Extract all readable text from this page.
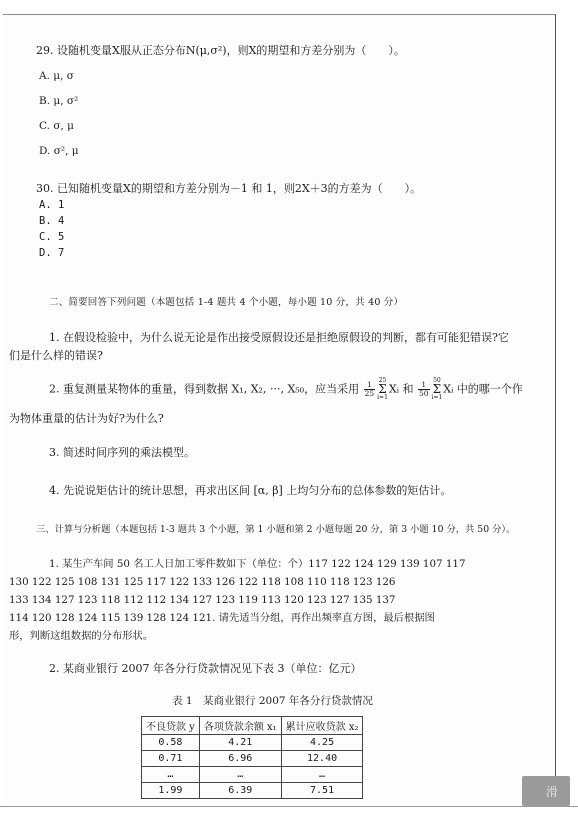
29. 设随机变量X服从正态分布N(μ,σ²)，则X的期望和方差分别为（　　）。
A. μ, σ
B. μ, σ²
C. σ, μ
D. σ², μ
30. 已知随机变量X的期望和方差分别为－1 和 1，则2X＋3的方差为（　　）。
A. 1
B. 4
C. 5
D. 7
二、简要回答下列问题（本题包括 1-4 题共 4 个小题，每小题 10 分，共 40 分）
1. 在假设检验中，为什么说无论是作出接受原假设还是拒绝原假设的判断，都有可能犯错误?它
们是什么样的错误?
2. 重复测量某物体的重量，得到数据 X₁, X₂, ···, X₅₀，应当采用 $\frac{1}{25}$
25
Σ
i=1Xᵢ 和 $\frac{1}{50}$
50
Σ
i=1Xᵢ 中的哪一个作
为物体重量的估计为好?为什么?
3. 简述时间序列的乘法模型。
4. 先说说矩估计的统计思想，再求出区间 [α, β] 上均匀分布的总体参数的矩估计。
三、计算与分析题（本题包括 1-3 题共 3 个小题，第 1 小题和第 2 小题每题 20 分，第 3 小题 10 分，共 50 分）。
1. 某生产车间 50 名工人日加工零件数如下（单位：个）117 122 124 129 139 107 117
130 122 125 108 131 125 117 122 133 126 122 118 108 110 118 123 126
133 134 127 123 118 112 112 134 127 123 119 113 120 123 127 135 137
114 120 128 124 115 139 128 124 121. 请先适当分组，再作出频率直方图，最后根据图
形，判断这组数据的分布形状。
2. 某商业银行 2007 年各分行贷款情况见下表 3（单位：亿元）
表 1　某商业银行 2007 年各分行贷款情况
不良贷款 y	各项贷款余额 x₁	累计应收贷款 x₂
0.58	4.21	4.25
0.71	6.96	12.40
…	…	…
1.99	6.39	7.51	滑
